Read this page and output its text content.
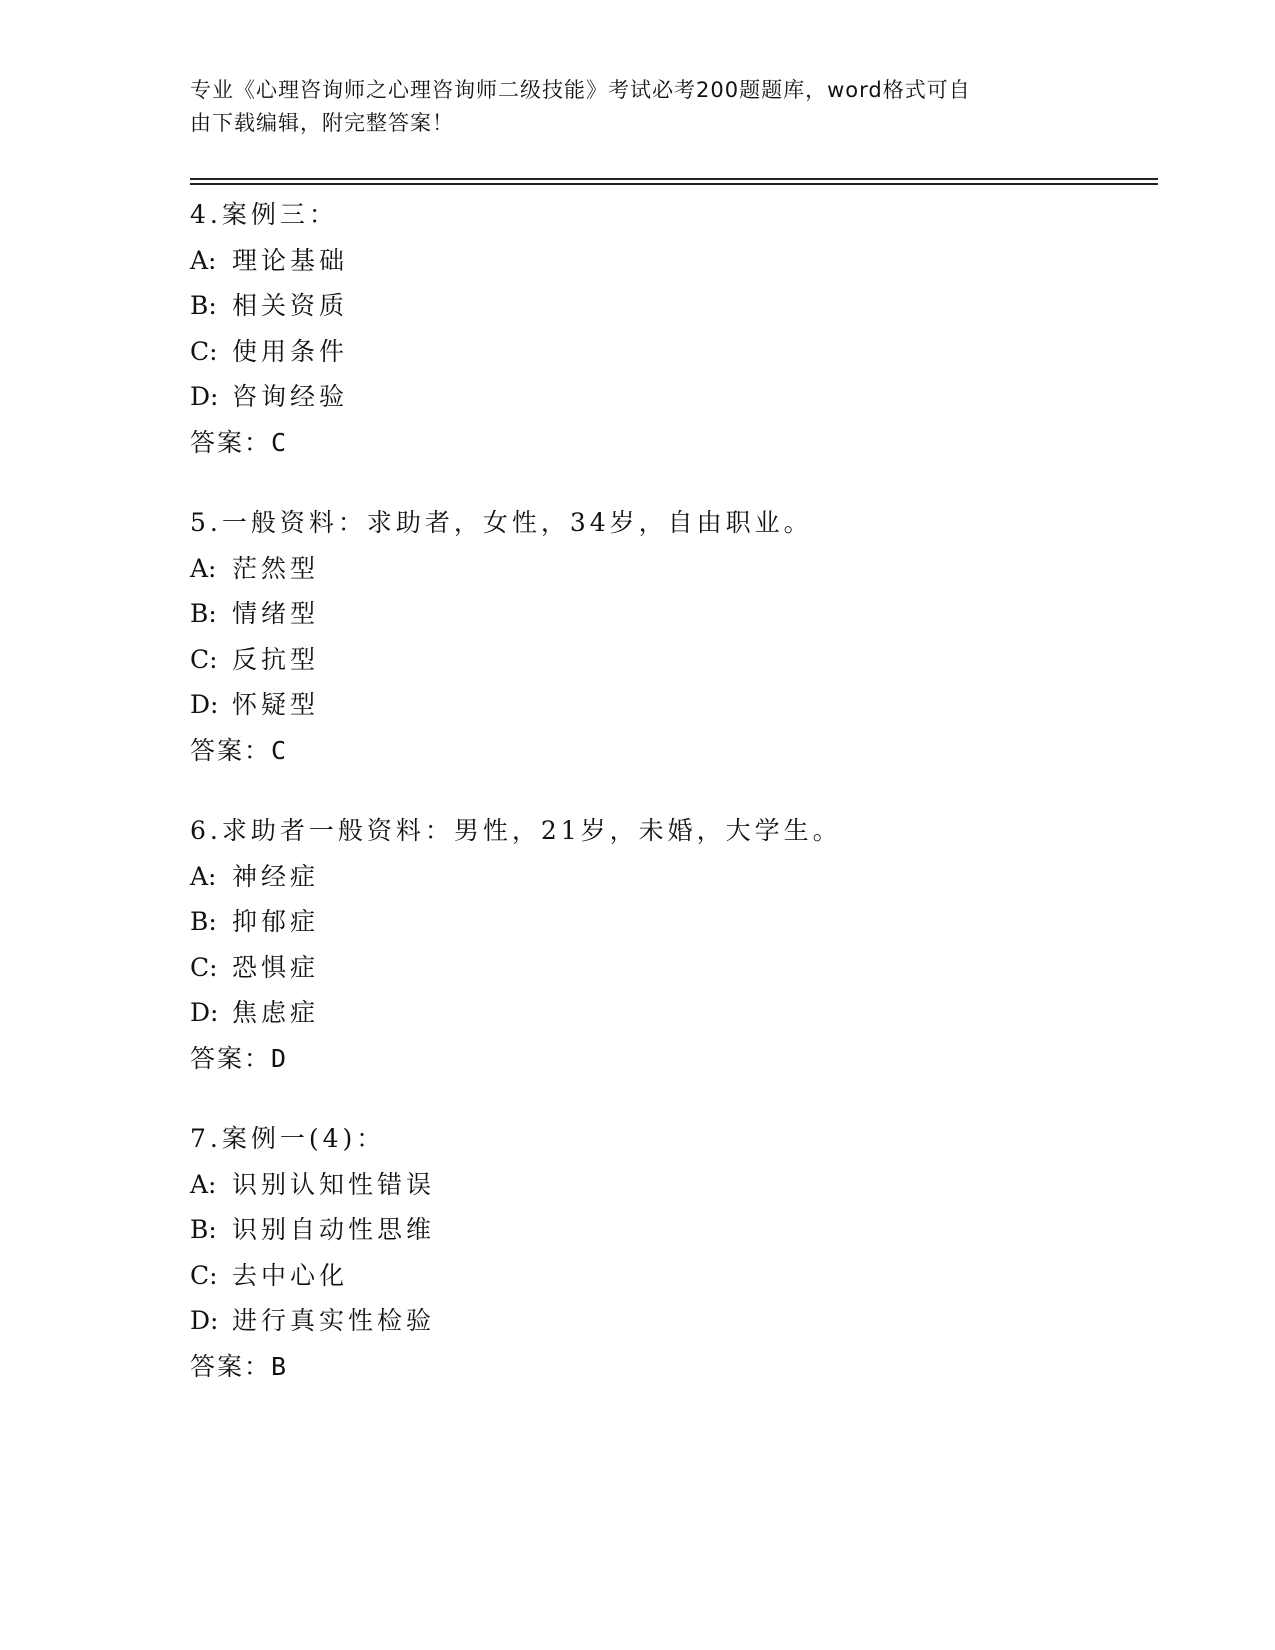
专业《心理咨询师之心理咨询师二级技能》考试必考200题题库，word格式可自
由下载编辑，附完整答案！
4.案例三：
A: 理论基础
B: 相关资质
C: 使用条件
D: 咨询经验
答案：C
5.一般资料：求助者，女性，34岁，自由职业。
A: 茫然型
B: 情绪型
C: 反抗型
D: 怀疑型
答案：C
6.求助者一般资料：男性，21岁，未婚，大学生。
A: 神经症
B: 抑郁症
C: 恐惧症
D: 焦虑症
答案：D
7.案例一(4)：
A: 识别认知性错误
B: 识别自动性思维
C: 去中心化
D: 进行真实性检验
答案：B
